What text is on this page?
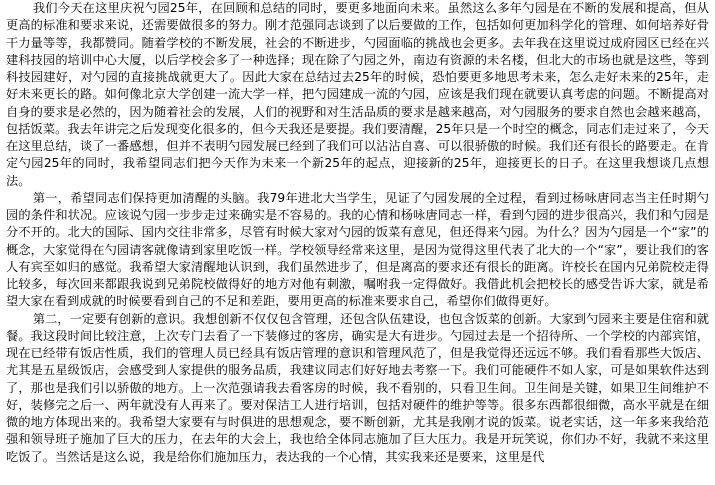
我们今天在这里庆祝勺园25年，在回顾和总结的同时，要更多地面向未来。虽然这么多年勺园是在不断的发展和提高，但从更高的标准和要求来说，还需要做很多的努力。刚才范强同志谈到了以后要做的工作，包括如何更加科学化的管理、如何培养好骨干力量等等，我都赞同。随着学校的不断发展，社会的不断进步，勺园面临的挑战也会更多。去年我在这里说过成府园区已经在兴建科技园的培训中心大厦，以后学校会多了一种选择；现在除了勺园之外，南边有资源的未名楼，但北大的市场也就是这些，等到科技园建好，对勺园的直接挑战就更大了。因此大家在总结过去25年的时候，恐怕要更多地思考未来，怎么走好未来的25年，走好未来更长的路。如何像北京大学创建一流大学一样，把勺园建成一流的勺园，应该是我们现在就要认真考虑的问题。不断提高对自身的要求是必然的，因为随着社会的发展，人们的视野和对生活品质的要求是越来越高，对勺园服务的要求自然也会越来越高，包括饭菜。我去年讲完之后发现变化很多的，但今天我还是要提。我们要清醒，25年只是一个时空的概念，同志们走过来了，今天在这里总结，谈了一番感想，但并不表明勺园发展已经到了我们可以沾沾自喜、可以很骄傲的时候。我们还有很长的路要走。在肯定勺园25年的同时，我希望同志们把今天作为未来一个新25年的起点，迎接新的25年，迎接更长的日子。在这里我想谈几点想法。

第一，希望同志们保持更加清醒的头脑。我79年进北大当学生，见证了勺园发展的全过程，看到过杨咏唐同志当主任时期勺园的条件和状况。应该说勺园一步步走过来确实是不容易的。我的心情和杨咏唐同志一样，看到勺园的进步很高兴，我们和勺园是分不开的。北大的国际、国内交往非常多，尽管有时候大家对勺园的饭菜有意见，但还得来勺园。为什么？因为勺园是一个“家”的概念，大家觉得在勺园请客就像请到家里吃饭一样。学校领导经常来这里，是因为觉得这里代表了北大的一个“家”，要让我们的客人有宾至如归的感觉。我希望大家清醒地认识到，我们虽然进步了，但是离高的要求还有很长的距离。许校长在国内兄弟院校走得比较多，每次回来都跟我说到兄弟院校做得好的地方对他有刺激，嘱咐我一定得做好。我借此机会把校长的感受告诉大家，就是希望大家在看到成就的时候要看到自己的不足和差距，要用更高的标准来要求自己，希望你们做得更好。

第二，一定要有创新的意识。我想创新不仅仅包含管理，还包含队伍建设，也包含饭菜的创新。大家到勺园来主要是住宿和就餐。我这段时间比较注意，上次专门去看了一下装修过的客房，确实是大有进步。勺园过去是一个招待所、一个学校的内部宾馆，现在已经带有饭店性质，我们的管理人员已经具有饭店管理的意识和管理风范了，但是我觉得还远远不够。我们看看那些大饭店、尤其是五星级饭店，会感受到人家提供的服务品质，我建议同志们好好地去考察一下。我们可能硬件不如人家，可是如果软件达到了，那也是我们引以骄傲的地方。上一次范强请我去看客房的时候，我不看别的，只看卫生间。卫生间是关键，如果卫生间维护不好，装修完之后一、两年就没有人再来了。要对保洁工人进行培训，包括对硬件的维护等等。很多东西都很细微，高水平就是在细微的地方体现出来的。我希望大家要有与时俱进的思想观念，要不断创新，尤其是我刚才说的饭菜。说老实话，这一年多来我给范强和领导班子施加了巨大的压力，在去年的大会上，我也给全体同志施加了巨大压力。我是开玩笑说，你们办不好，我就不来这里吃饭了。当然话是这么说，我是给你们施加压力，表达我的一个心情，其实我来还是要来，这里是代
